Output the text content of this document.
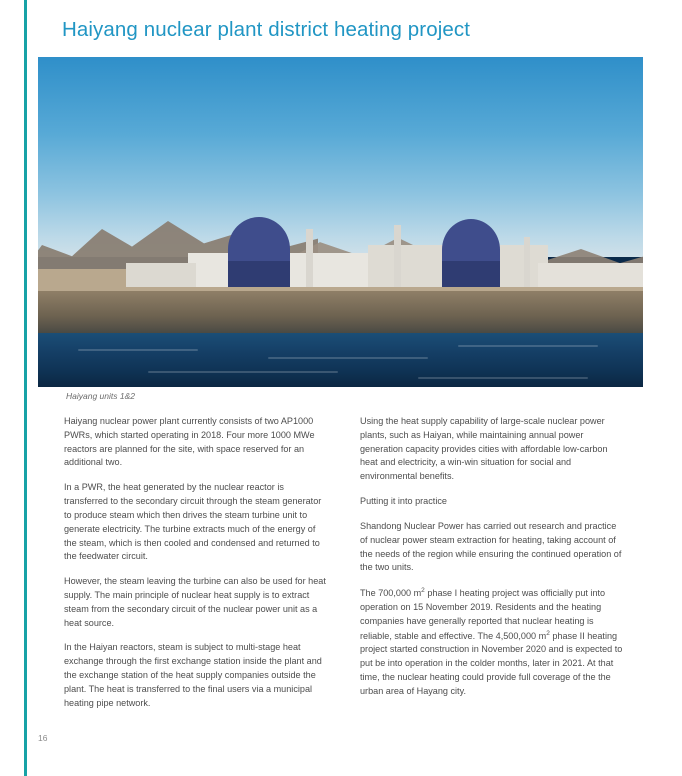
Haiyang nuclear plant district heating project
Haiyang units 1&2

Haiyang nuclear power plant currently consists of two AP1000 PWRs, which started operating in 2018. Four more 1000 MWe reactors are planned for the site, with space reserved for an additional two.

In a PWR, the heat generated by the nuclear reactor is transferred to the secondary circuit through the steam generator to produce steam which then drives the steam turbine unit to generate electricity. The turbine extracts much of the energy of the steam, which is then cooled and condensed and returned to the feedwater circuit.

However, the steam leaving the turbine can also be used for heat supply. The main principle of nuclear heat supply is to extract steam from the secondary circuit of the nuclear power unit as a heat source.

In the Haiyan reactors, steam is subject to multi-stage heat exchange through the first exchange station inside the plant and the exchange station of the heat supply companies outside the plant. The heat is transferred to the final users via a municipal heating pipe network.

Using the heat supply capability of large-scale nuclear power plants, such as Haiyan, while maintaining annual power generation capacity provides cities with affordable low-carbon heat and electricity, a win-win situation for social and environmental benefits.

Putting it into practice

Shandong Nuclear Power has carried out research and practice of nuclear power steam extraction for heating, taking account of the needs of the region while ensuring the continued operation of the two units.

The 700,000 $m^2$ phase I heating project was officially put into operation on 15 November 2019. Residents and the heating companies have generally reported that nuclear heating is reliable, stable and effective. The 4,500,000 $m^2$ phase II heating project started construction in November 2020 and is expected to put be into operation in the colder months, later in 2021. At that time, the nuclear heating could provide full coverage of the the urban area of Hayang city.

16
